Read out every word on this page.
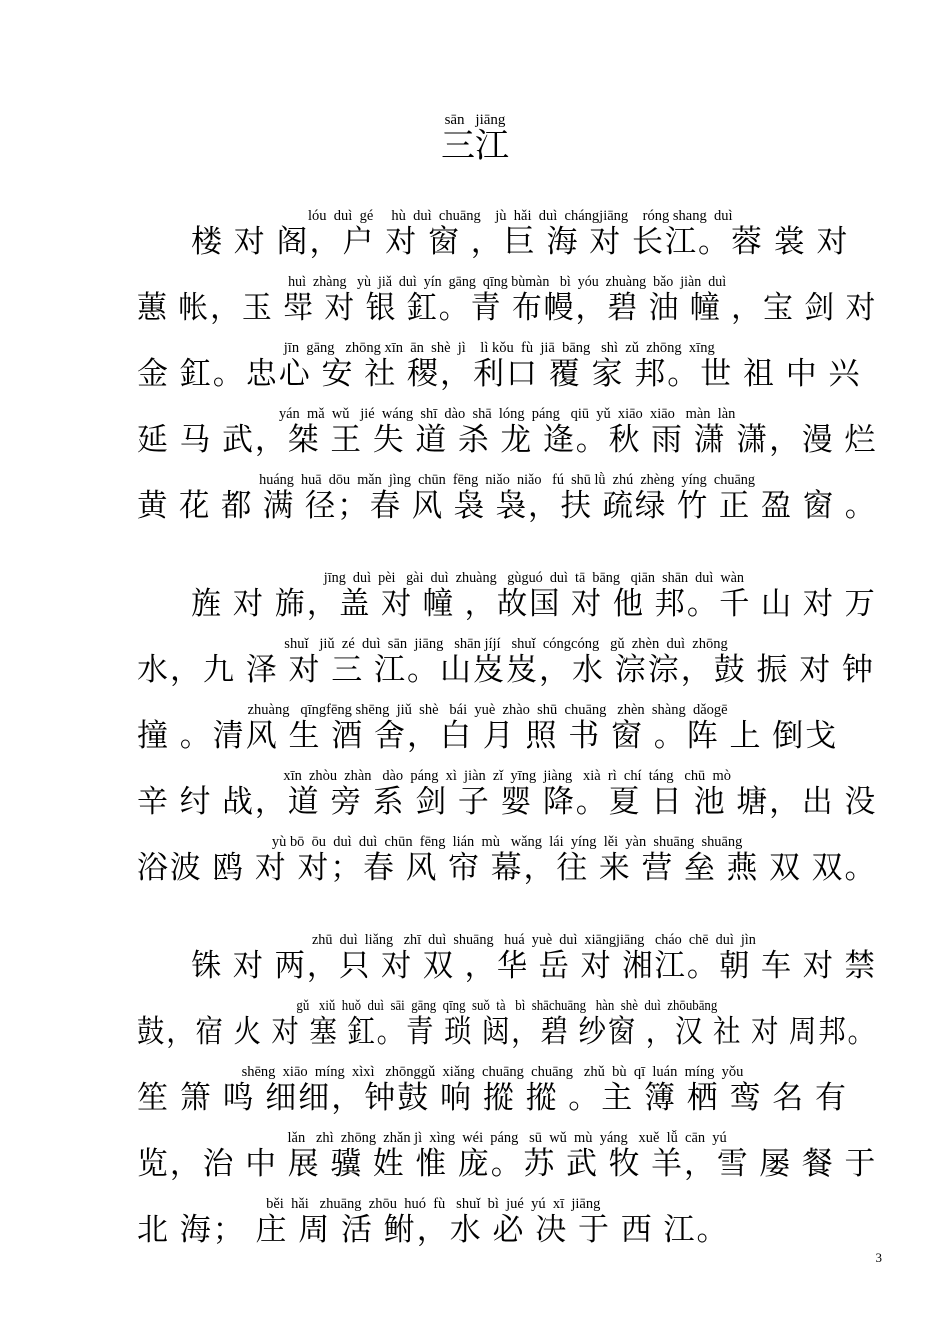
三江sān jiāng
楼 对 阁，户 对 窗 ，巨 海 对 长江。蓉 裳 对lóu  duì  gé     hù  duì  chuāng    jù  hǎi  duì  chángjiāng    róng shang  duì
蕙 帐，玉 斝 对 银 釭。青 布幔，碧 油 幢 ，宝 剑 对huì  zhàng   yù  jiǎ  duì  yín  gāng  qīng bùmàn   bì  yóu  zhuàng  bǎo  jiàn  duì
金 釭。忠心 安 社 稷，利口 覆 家 邦。世 祖 中 兴jīn  gāng   zhōng xīn  ān  shè  jì    lì kǒu  fù  jiā  bāng   shì  zǔ  zhōng  xīng
延 马 武，桀 王 失 道 杀 龙 逄。秋 雨 潇 潇，漫 烂yán  mǎ  wǔ   jié  wáng  shī  dào  shā  lóng  páng   qiū  yǔ  xiāo  xiāo   màn  làn
黄 花 都 满 径；春 风 袅 袅，扶 疏绿 竹 正 盈 窗 。huáng  huā  dōu  mǎn  jìng  chūn  fēng  niǎo  niǎo   fú  shū lǜ  zhú  zhèng  yíng  chuāng
旌 对 旆，盖 对 幢 ，故国 对 他 邦。千 山 对 万jīng  duì  pèi   gài  duì  zhuàng   gùguó  duì  tā  bāng   qiān  shān  duì  wàn
水，九 泽 对 三 江。山岌岌，水 淙淙，鼓 振 对 钟shuǐ   jiǔ  zé  duì  sān  jiāng   shān jíjí   shuǐ  cóngcóng   gǔ  zhèn  duì  zhōng
撞 。清风 生 酒 舍，白 月 照 书 窗 。阵 上 倒戈zhuàng   qīngfēng shēng  jiǔ  shè   bái  yuè  zhào  shū  chuāng   zhèn  shàng  dǎogē
辛 纣 战，道 旁 系 剑 子 婴 降。夏 日 池 塘，出 没xīn  zhòu  zhàn   dào  páng  xì  jiàn  zǐ  yīng  jiàng   xià  rì  chí  táng   chū  mò
浴波 鸥 对 对；春 风 帘 幕，往 来 营 垒 燕 双 双。yù bō  ōu  duì  duì  chūn  fēng  lián  mù   wǎng  lái  yíng  lěi  yàn  shuāng  shuāng
铢 对 两，只 对 双 ，华 岳 对 湘江。朝 车 对 禁zhū  duì  liǎng   zhī  duì  shuāng   huá  yuè  duì  xiāngjiāng   cháo  chē  duì  jìn
鼓，宿 火 对 塞 釭。青 琐 闼，碧 纱窗 ，汉 社 对 周邦。gǔ   xiǔ  huǒ  duì  sāi  gāng  qīng  suǒ  tà   bì  shāchuāng   hàn  shè  duì  zhōubāng
笙 箫 鸣 细细，钟鼓 响 摐 摐 。主 簿 栖 鸾 名 有shēng  xiāo  míng  xìxì   zhōnggǔ  xiǎng  chuāng  chuāng   zhǔ  bù  qī  luán  míng  yǒu
览，治 中 展 骥 姓 惟 庞。苏 武 牧 羊，雪 屡 餐 于lǎn   zhì  zhōng  zhǎn jì  xìng  wéi  páng   sū  wǔ  mù  yáng   xuě  lǚ  cān  yú
北 海； 庄 周 活 鲋，水 必 决 于 西 江。běi  hǎi   zhuāng  zhōu  huó  fù   shuǐ  bì  jué  yú  xī  jiāng
3
